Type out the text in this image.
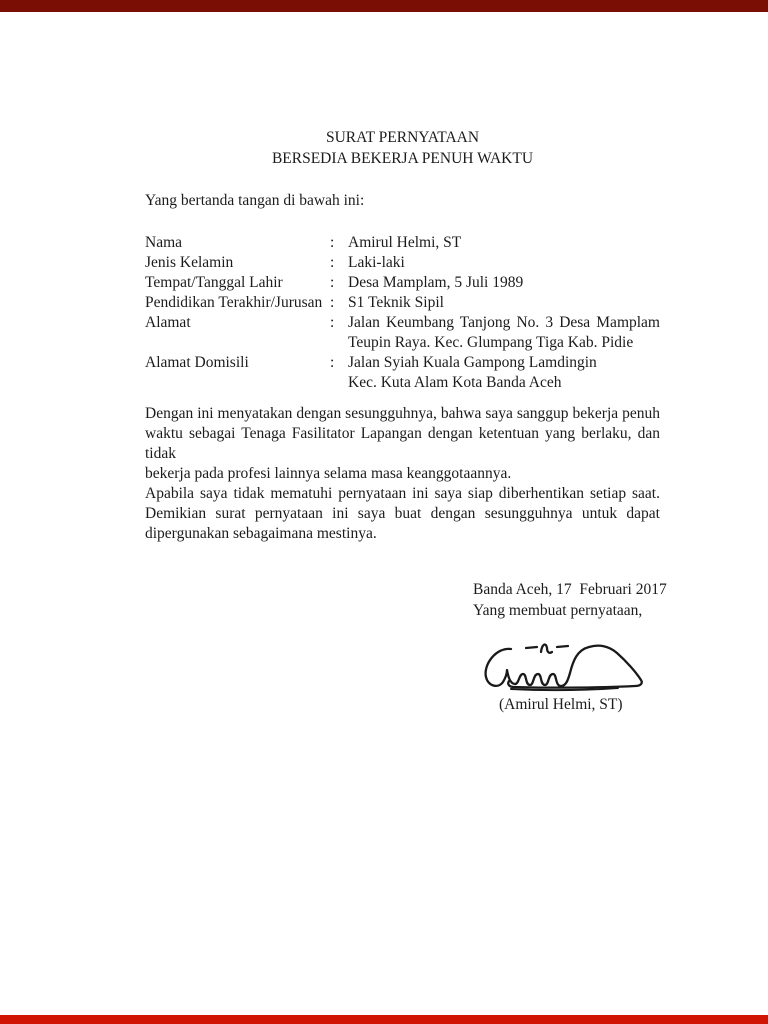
SURAT PERNYATAAN
BERSEDIA BEKERJA PENUH WAKTU
Yang bertanda tangan di bawah ini:
Nama	: Amirul Helmi, ST
Jenis Kelamin	: Laki-laki
Tempat/Tanggal Lahir	: Desa Mamplam, 5 Juli 1989
Pendidikan Terakhir/Jurusan : S1 Teknik Sipil
Alamat	: Jalan Keumbang Tanjong No. 3 Desa Mamplam
Teupin Raya. Kec. Glumpang Tiga Kab. Pidie
Alamat Domisili	: Jalan Syiah Kuala Gampong Lamdingin
Kec. Kuta Alam Kota Banda Aceh
Dengan ini menyatakan dengan sesungguhnya, bahwa saya sanggup bekerja penuh
waktu sebagai Tenaga Fasilitator Lapangan dengan ketentuan yang berlaku, dan tidak
bekerja pada profesi lainnya selama masa keanggotaannya.
Apabila saya tidak mematuhi pernyataan ini saya siap diberhentikan setiap saat.
Demikian surat pernyataan ini saya buat dengan sesungguhnya untuk dapat
dipergunakan sebagaimana mestinya.
Banda Aceh, 17  Februari 2017
Yang membuat pernyataan,
(Amirul Helmi, ST)
